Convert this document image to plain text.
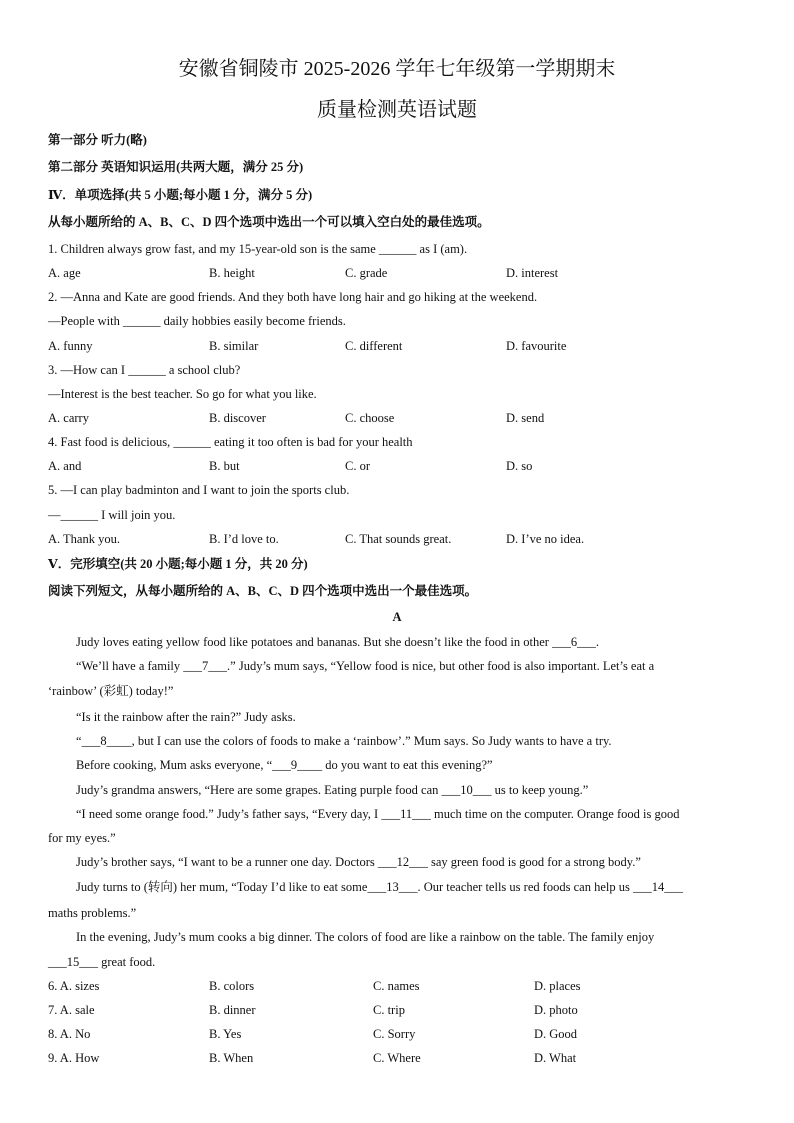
安徽省铜陵市 2025-2026 学年七年级第一学期期末
质量检测英语试题
第一部分 听力(略)
第二部分 英语知识运用(共两大题，满分 25 分)
Ⅳ．单项选择(共 5 小题;每小题 1 分，满分 5 分)
从每小题所给的 A、B、C、D 四个选项中选出一个可以填入空白处的最佳选项。
1. Children always grow fast, and my 15-year-old son is the same ______ as I (am).
A. age	B. height	C. grade	D. interest
2. —Anna and Kate are good friends. And they both have long hair and go hiking at the weekend.
—People with ______ daily hobbies easily become friends.
A. funny	B. similar	C. different	D. favourite
3. —How can I ______ a school club?
—Interest is the best teacher. So go for what you like.
A. carry	B. discover	C. choose	D. send
4. Fast food is delicious, ______ eating it too often is bad for your health
A. and	B. but	C. or	D. so
5. —I can play badminton and I want to join the sports club.
—______ I will join you.
A. Thank you.	B. I’d love to.	C. That sounds great.	D. I’ve no idea.
Ⅴ．完形填空(共 20 小题;每小题 1 分，共 20 分)
阅读下列短文，从每小题所给的 A、B、C、D 四个选项中选出一个最佳选项。
A
Judy loves eating yellow food like potatoes and bananas. But she doesn’t like the food in other ___6___.
“We’ll have a family ___7___.” Judy’s mum says, “Yellow food is nice, but other food is also important. Let’s eat a
‘rainbow’ (彩虹) today!”
“Is it the rainbow after the rain?” Judy asks.
“___8____, but I can use the colors of foods to make a ‘rainbow’.” Mum says. So Judy wants to have a try.
Before cooking, Mum asks everyone, “___9____ do you want to eat this evening?”
Judy’s grandma answers, “Here are some grapes. Eating purple food can ___10___ us to keep young.”
“I need some orange food.” Judy’s father says, “Every day, I ___11___ much time on the computer. Orange food is good
for my eyes.”
Judy’s brother says, “I want to be a runner one day. Doctors ___12___ say green food is good for a strong body.”
Judy turns to (转向) her mum, “Today I’d like to eat some___13___. Our teacher tells us red foods can help us ___14___
maths problems.”
In the evening, Judy’s mum cooks a big dinner. The colors of food are like a rainbow on the table. The family enjoy
___15___ great food.
6. A. sizes	B. colors	C. names	D. places
7. A. sale	B. dinner	C. trip	D. photo
8. A. No	B. Yes	C. Sorry	D. Good
9. A. How	B. When	C. Where	D. What
